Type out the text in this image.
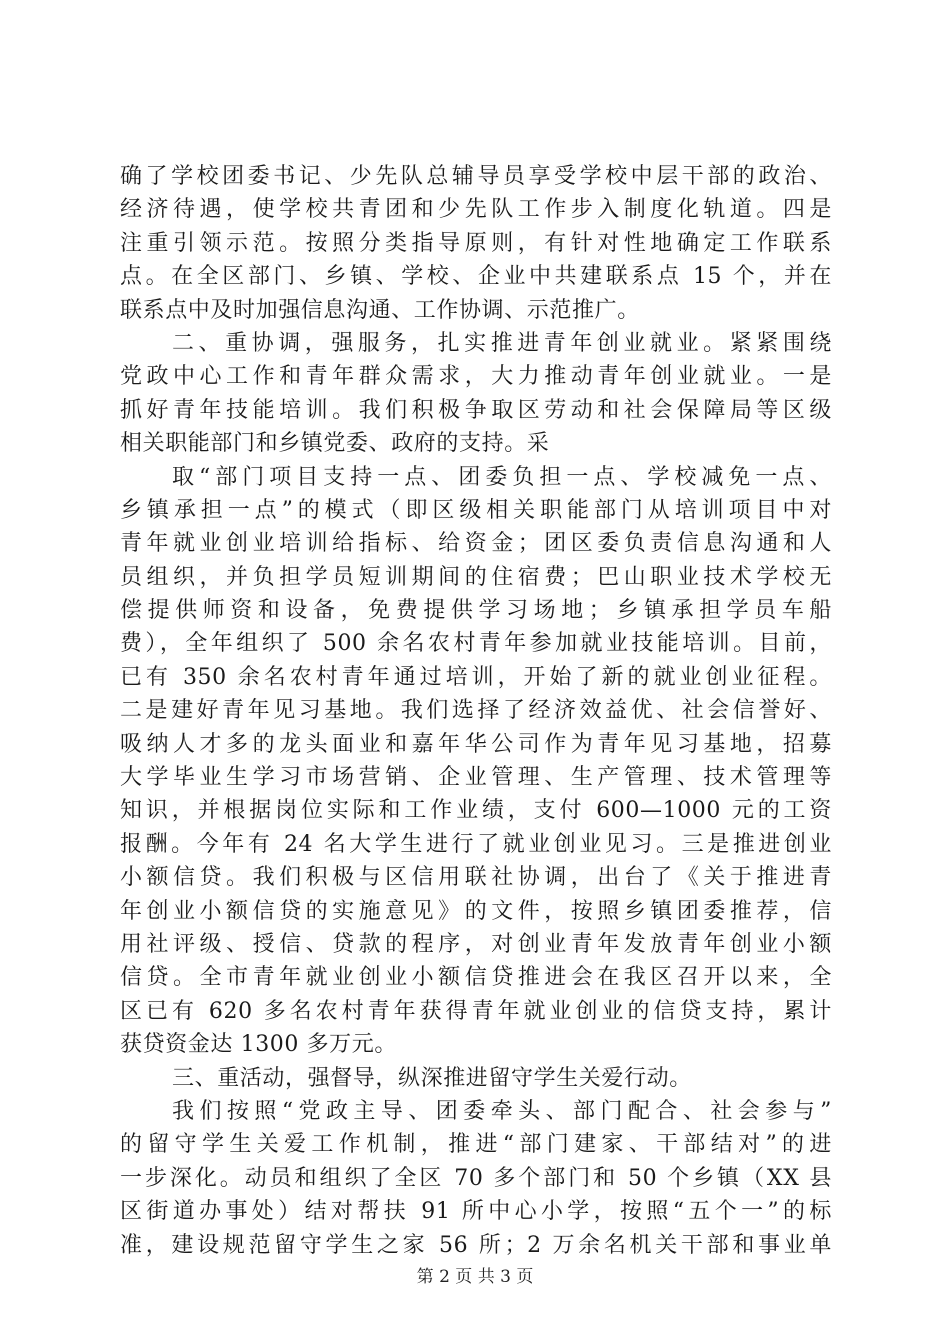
确了学校团委书记、少先队总辅导员享受学校中层干部的政治、
经济待遇，使学校共青团和少先队工作步入制度化轨道。四是
注重引领示范。按照分类指导原则，有针对性地确定工作联系
点。在全区部门、乡镇、学校、企业中共建联系点 15 个，并在
联系点中及时加强信息沟通、工作协调、示范推广。
二、重协调，强服务，扎实推进青年创业就业。紧紧围绕
党政中心工作和青年群众需求，大力推动青年创业就业。一是
抓好青年技能培训。我们积极争取区劳动和社会保障局等区级
相关职能部门和乡镇党委、政府的支持。采
取“部门项目支持一点、团委负担一点、学校减免一点、
乡镇承担一点”的模式（即区级相关职能部门从培训项目中对
青年就业创业培训给指标、给资金；团区委负责信息沟通和人
员组织，并负担学员短训期间的住宿费；巴山职业技术学校无
偿提供师资和设备，免费提供学习场地；乡镇承担学员车船
费），全年组织了 500 余名农村青年参加就业技能培训。目前，
已有 350 余名农村青年通过培训，开始了新的就业创业征程。
二是建好青年见习基地。我们选择了经济效益优、社会信誉好、
吸纳人才多的龙头面业和嘉年华公司作为青年见习基地，招募
大学毕业生学习市场营销、企业管理、生产管理、技术管理等
知识，并根据岗位实际和工作业绩，支付 600—1000 元的工资
报酬。今年有 24 名大学生进行了就业创业见习。三是推进创业
小额信贷。我们积极与区信用联社协调，出台了《关于推进青
年创业小额信贷的实施意见》的文件，按照乡镇团委推荐，信
用社评级、授信、贷款的程序，对创业青年发放青年创业小额
信贷。全市青年就业创业小额信贷推进会在我区召开以来，全
区已有 620 多名农村青年获得青年就业创业的信贷支持，累计
获贷资金达 1300 多万元。
三、重活动，强督导，纵深推进留守学生关爱行动。
我们按照“党政主导、团委牵头、部门配合、社会参与”
的留守学生关爱工作机制，推进“部门建家、干部结对”的进
一步深化。动员和组织了全区 70 多个部门和 50 个乡镇（XX 县
区街道办事处）结对帮扶 91 所中心小学，按照“五个一”的标
准，建设规范留守学生之家 56 所；2 万余名机关干部和事业单
第 2 页 共 3 页
